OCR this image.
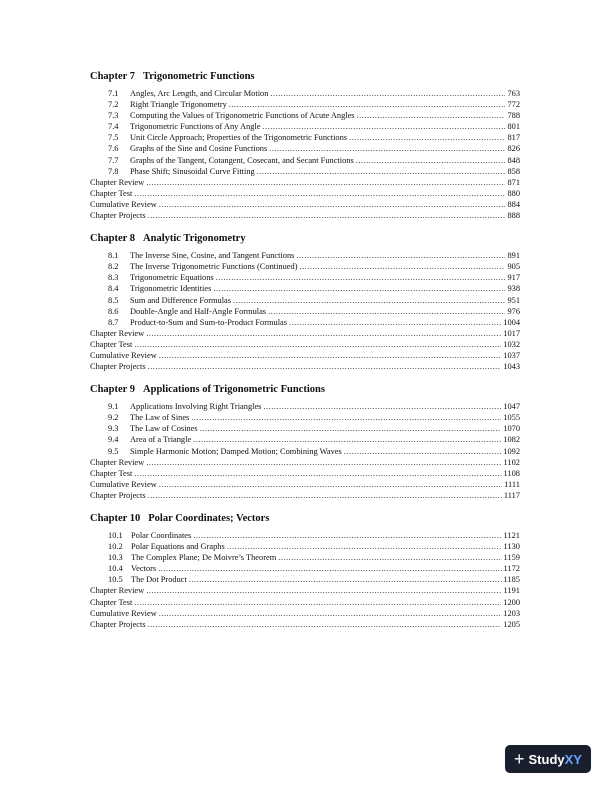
Chapter 7 Trigonometric Functions
7.1	Angles, Arc Length, and Circular Motion .....	763
7.2	Right Triangle Trigonometry .....	772
7.3	Computing the Values of Trigonometric Functions of Acute Angles .....	788
7.4	Trigonometric Functions of Any Angle .....	801
7.5	Unit Circle Approach; Properties of the Trigonometric Functions .....	817
7.6	Graphs of the Sine and Cosine Functions .....	826
7.7	Graphs of the Tangent, Cotangent, Cosecant, and Secant Functions .....	848
7.8	Phase Shift; Sinusoidal Curve Fitting .....	858
Chapter Review .....	871
Chapter Test .....	880
Cumulative Review .....	884
Chapter Projects .....	888
Chapter 8 Analytic Trigonometry
8.1	The Inverse Sine, Cosine, and Tangent Functions .....	891
8.2	The Inverse Trigonometric Functions (Continued) .....	905
8.3	Trigonometric Equations .....	917
8.4	Trigonometric Identities .....	938
8.5	Sum and Difference Formulas .....	951
8.6	Double-Angle and Half-Angle Formulas .....	976
8.7	Product-to-Sum and Sum-to-Product Formulas .....	1004
Chapter Review .....	1017
Chapter Test .....	1032
Cumulative Review .....	1037
Chapter Projects .....	1043
Chapter 9 Applications of Trigonometric Functions
9.1	Applications Involving Right Triangles .....	1047
9.2	The Law of Sines .....	1055
9.3	The Law of Cosines .....	1070
9.4	Area of a Triangle .....	1082
9.5	Simple Harmonic Motion; Damped Motion; Combining Waves .....	1092
Chapter Review .....	1102
Chapter Test .....	1108
Cumulative Review .....	1111
Chapter Projects .....	1117
Chapter 10 Polar Coordinates; Vectors
10.1 Polar Coordinates .....	1121
10.2 Polar Equations and Graphs .....	1130
10.3 The Complex Plane; De Moivre’s Theorem .....	1159
10.4 Vectors .....	1172
10.5 The Dot Product .....	1185
Chapter Review .....	1191
Chapter Test .....	1200
Cumulative Review .....	1203
Chapter Projects .....	1205
+ Study XY
